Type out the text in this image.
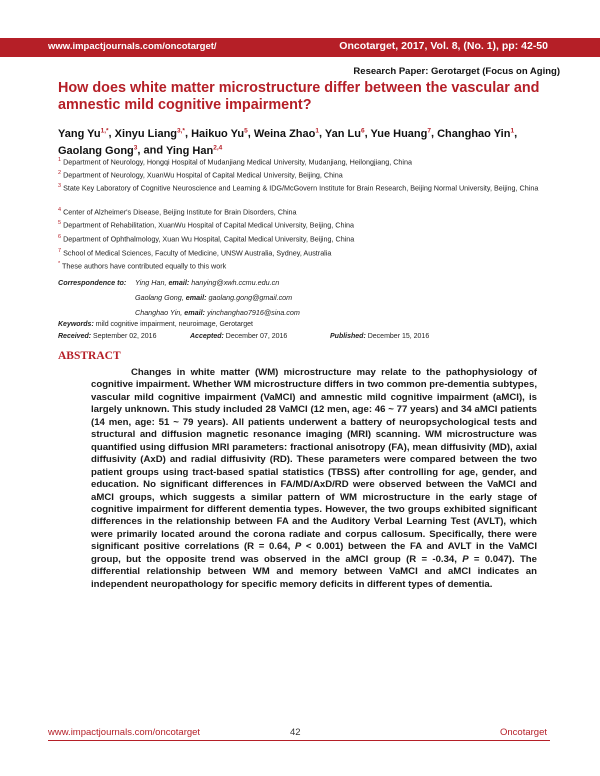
www.impactjournals.com/oncotarget/	Oncotarget, 2017, Vol. 8, (No. 1), pp: 42-50
Research Paper: Gerotarget (Focus on Aging)
How does white matter microstructure differ between the vascular and amnestic mild cognitive impairment?
Yang $Yu^{1,*}$, Xinyu Liang$^{3,*}$, Haikuo Yu$^5$, Weina Zhao$^1$, Yan Lu$^6$, Yue Huang$^7$, Changhao Yin$^1$, Gaolang Gong$^3$, and Ying Han$^{2,4}$
$^1$ Department of Neurology, Hongqi Hospital of Mudanjiang Medical University, Mudanjiang, Heilongjiang, China
$^2$ Department of Neurology, XuanWu Hospital of Capital Medical University, Beijing, China
$^3$ State Key Laboratory of Cognitive Neuroscience and Learning & IDG/McGovern Institute for Brain Research, Beijing Normal University, Beijing, China
$^4$ Center of Alzheimer's Disease, Beijing Institute for Brain Disorders, China
$^5$ Department of Rehabilitation, XuanWu Hospital of Capital Medical University, Beijing, China
$^6$ Department of Ophthalmology, Xuan Wu Hospital, Capital Medical University, Beijing, China
$^7$ School of Medical Sciences, Faculty of Medicine, UNSW Australia, Sydney, Australia
* These authors have contributed equally to this work
Correspondence to: Ying Han, email: hanying@xwh.ccmu.edu.cn
Gaolang Gong, email: gaolang.gong@gmail.com
Changhao Yin, email: yinchanghao7916@sina.com
Keywords: mild cognitive impairment, neuroimage, Gerotarget
Received: September 02, 2016	Accepted: December 07, 2016	Published: December 15, 2016
ABSTRACT
Changes in white matter (WM) microstructure may relate to the pathophysiology of cognitive impairment. Whether WM microstructure differs in two common pre-dementia subtypes, vascular mild cognitive impairment (VaMCI) and amnestic mild cognitive impairment (aMCI), is largely unknown. This study included 28 VaMCI (12 men, age: 46 ~ 77 years) and 34 aMCI patients (14 men, age: 51 ~ 79 years). All patients underwent a battery of neuropsychological tests and structural and diffusion magnetic resonance imaging (MRI) scanning. WM microstructure was quantified using diffusion MRI parameters: fractional anisotropy (FA), mean diffusivity (MD), axial diffusivity (AxD) and radial diffusivity (RD). These parameters were compared between the two patient groups using tract-based spatial statistics (TBSS) after controlling for age, gender, and education. No significant differences in FA/MD/AxD/RD were observed between the VaMCI and aMCI groups, which suggests a similar pattern of WM microstructure in the early stage of cognitive impairment for different dementia types. However, the two groups exhibited significant differences in the relationship between FA and the Auditory Verbal Learning Test (AVLT), which were primarily located around the corona radiate and corpus callosum. Specifically, there were significant positive correlations (R = 0.64, P < 0.001) between the FA and AVLT in the VaMCI group, but the opposite trend was observed in the aMCI group (R = -0.34, P = 0.047). The differential relationship between WM and memory between VaMCI and aMCI indicates an independent neuropathology for specific memory deficits in different types of dementia.
www.impactjournals.com/oncotarget	42	Oncotarget
